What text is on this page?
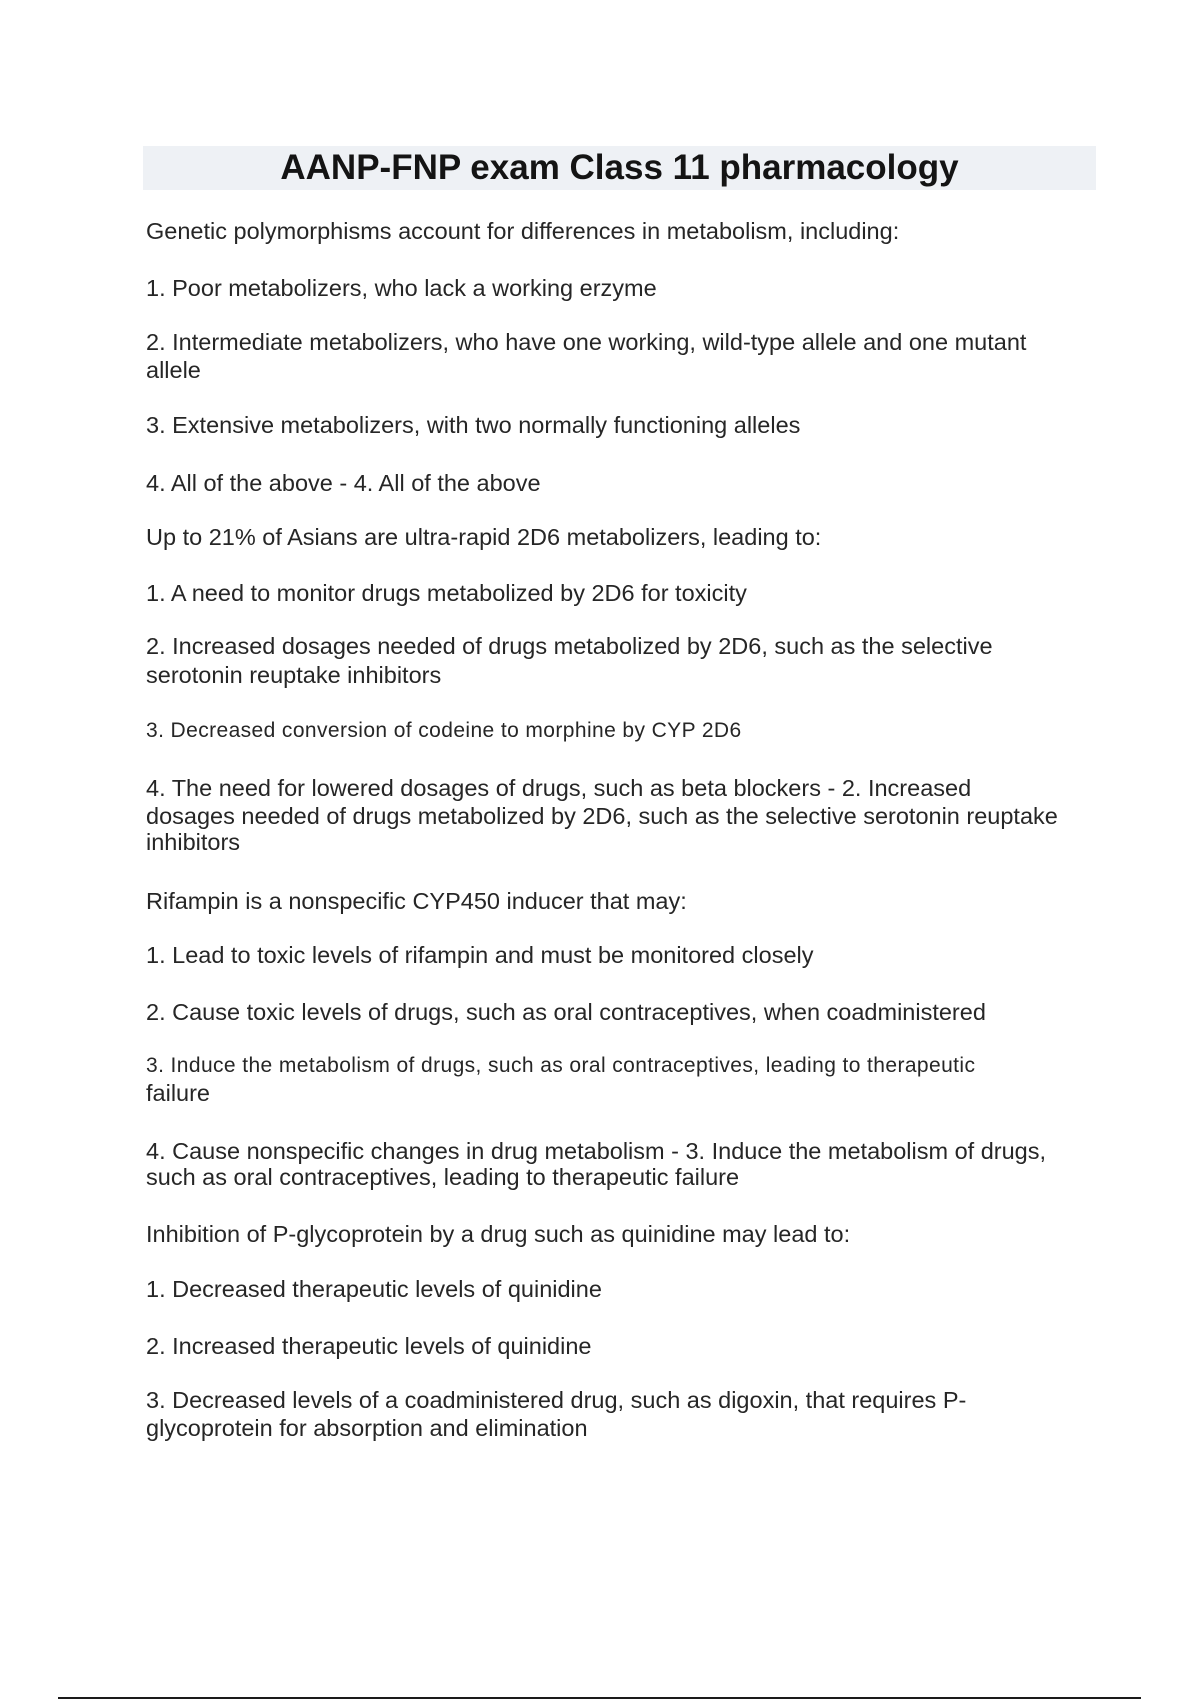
AANP-FNP exam Class 11 pharmacology

Genetic polymorphisms account for differences in metabolism, including:

1. Poor metabolizers, who lack a working erzyme

2. Intermediate metabolizers, who have one working, wild-type allele and one mutant

allele

3. Extensive metabolizers, with two normally functioning alleles

4. All of the above - 4. All of the above

Up to 21% of Asians are ultra-rapid 2D6 metabolizers, leading to:

1. A need to monitor drugs metabolized by 2D6 for toxicity

2. Increased dosages needed of drugs metabolized by 2D6, such as the selective

serotonin reuptake inhibitors

3. Decreased conversion of codeine to morphine by CYP 2D6

4. The need for lowered dosages of drugs, such as beta blockers - 2. Increased

dosages needed of drugs metabolized by 2D6, such as the selective serotonin reuptake

inhibitors

Rifampin is a nonspecific CYP450 inducer that may:

1. Lead to toxic levels of rifampin and must be monitored closely

2. Cause toxic levels of drugs, such as oral contraceptives, when coadministered

3. Induce the metabolism of drugs, such as oral contraceptives, leading to therapeutic

failure

4. Cause nonspecific changes in drug metabolism - 3. Induce the metabolism of drugs,

such as oral contraceptives, leading to therapeutic failure

Inhibition of P-glycoprotein by a drug such as quinidine may lead to:

1. Decreased therapeutic levels of quinidine

2. Increased therapeutic levels of quinidine

3. Decreased levels of a coadministered drug, such as digoxin, that requires P-

glycoprotein for absorption and elimination
